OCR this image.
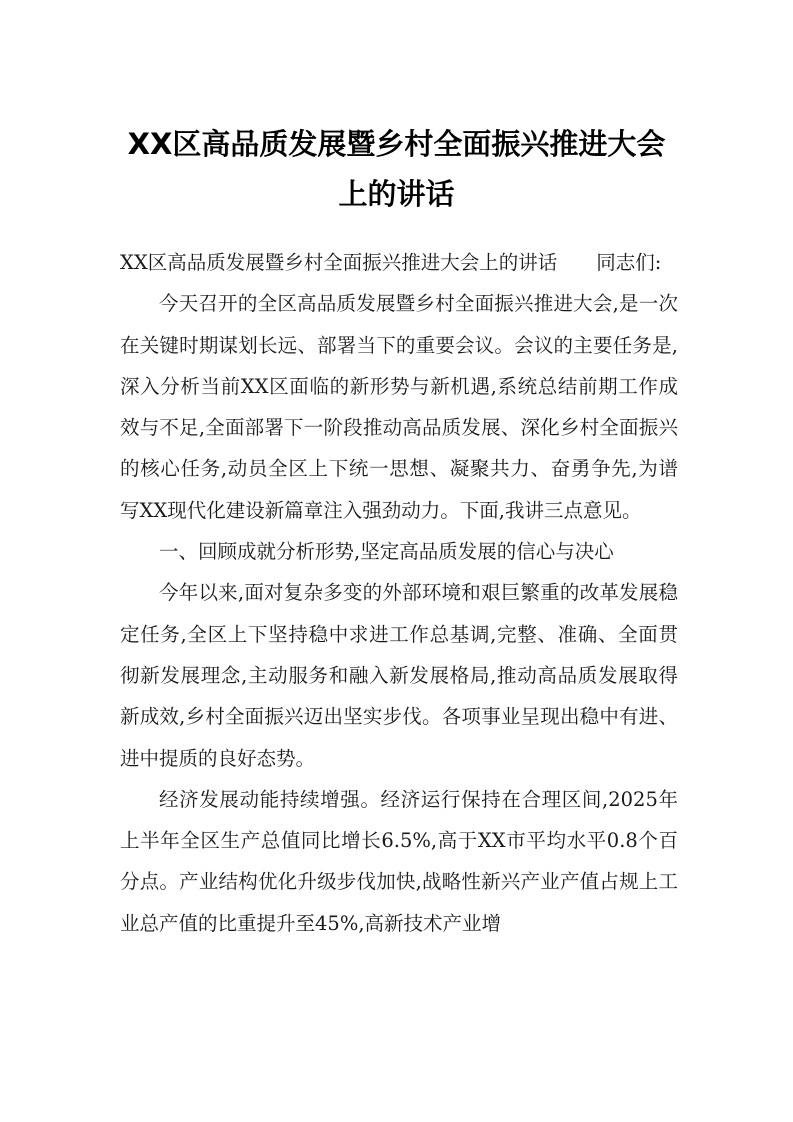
XX区高品质发展暨乡村全面振兴推进大会
上的讲话

XX区高品质发展暨乡村全面振兴推进大会上的讲话　　同志们:

今天召开的全区高品质发展暨乡村全面振兴推进大会,是一次在关键时期谋划长远、部署当下的重要会议。会议的主要任务是,深入分析当前XX区面临的新形势与新机遇,系统总结前期工作成效与不足,全面部署下一阶段推动高品质发展、深化乡村全面振兴的核心任务,动员全区上下统一思想、凝聚共力、奋勇争先,为谱写XX现代化建设新篇章注入强劲动力。下面,我讲三点意见。

一、回顾成就分析形势,坚定高品质发展的信心与决心

今年以来,面对复杂多变的外部环境和艰巨繁重的改革发展稳定任务,全区上下坚持稳中求进工作总基调,完整、准确、全面贯彻新发展理念,主动服务和融入新发展格局,推动高品质发展取得新成效,乡村全面振兴迈出坚实步伐。各项事业呈现出稳中有进、进中提质的良好态势。

经济发展动能持续增强。经济运行保持在合理区间,2025年上半年全区生产总值同比增长6.5%,高于XX市平均水平0.8个百分点。产业结构优化升级步伐加快,战略性新兴产业产值占规上工业总产值的比重提升至45%,高新技术产业增
